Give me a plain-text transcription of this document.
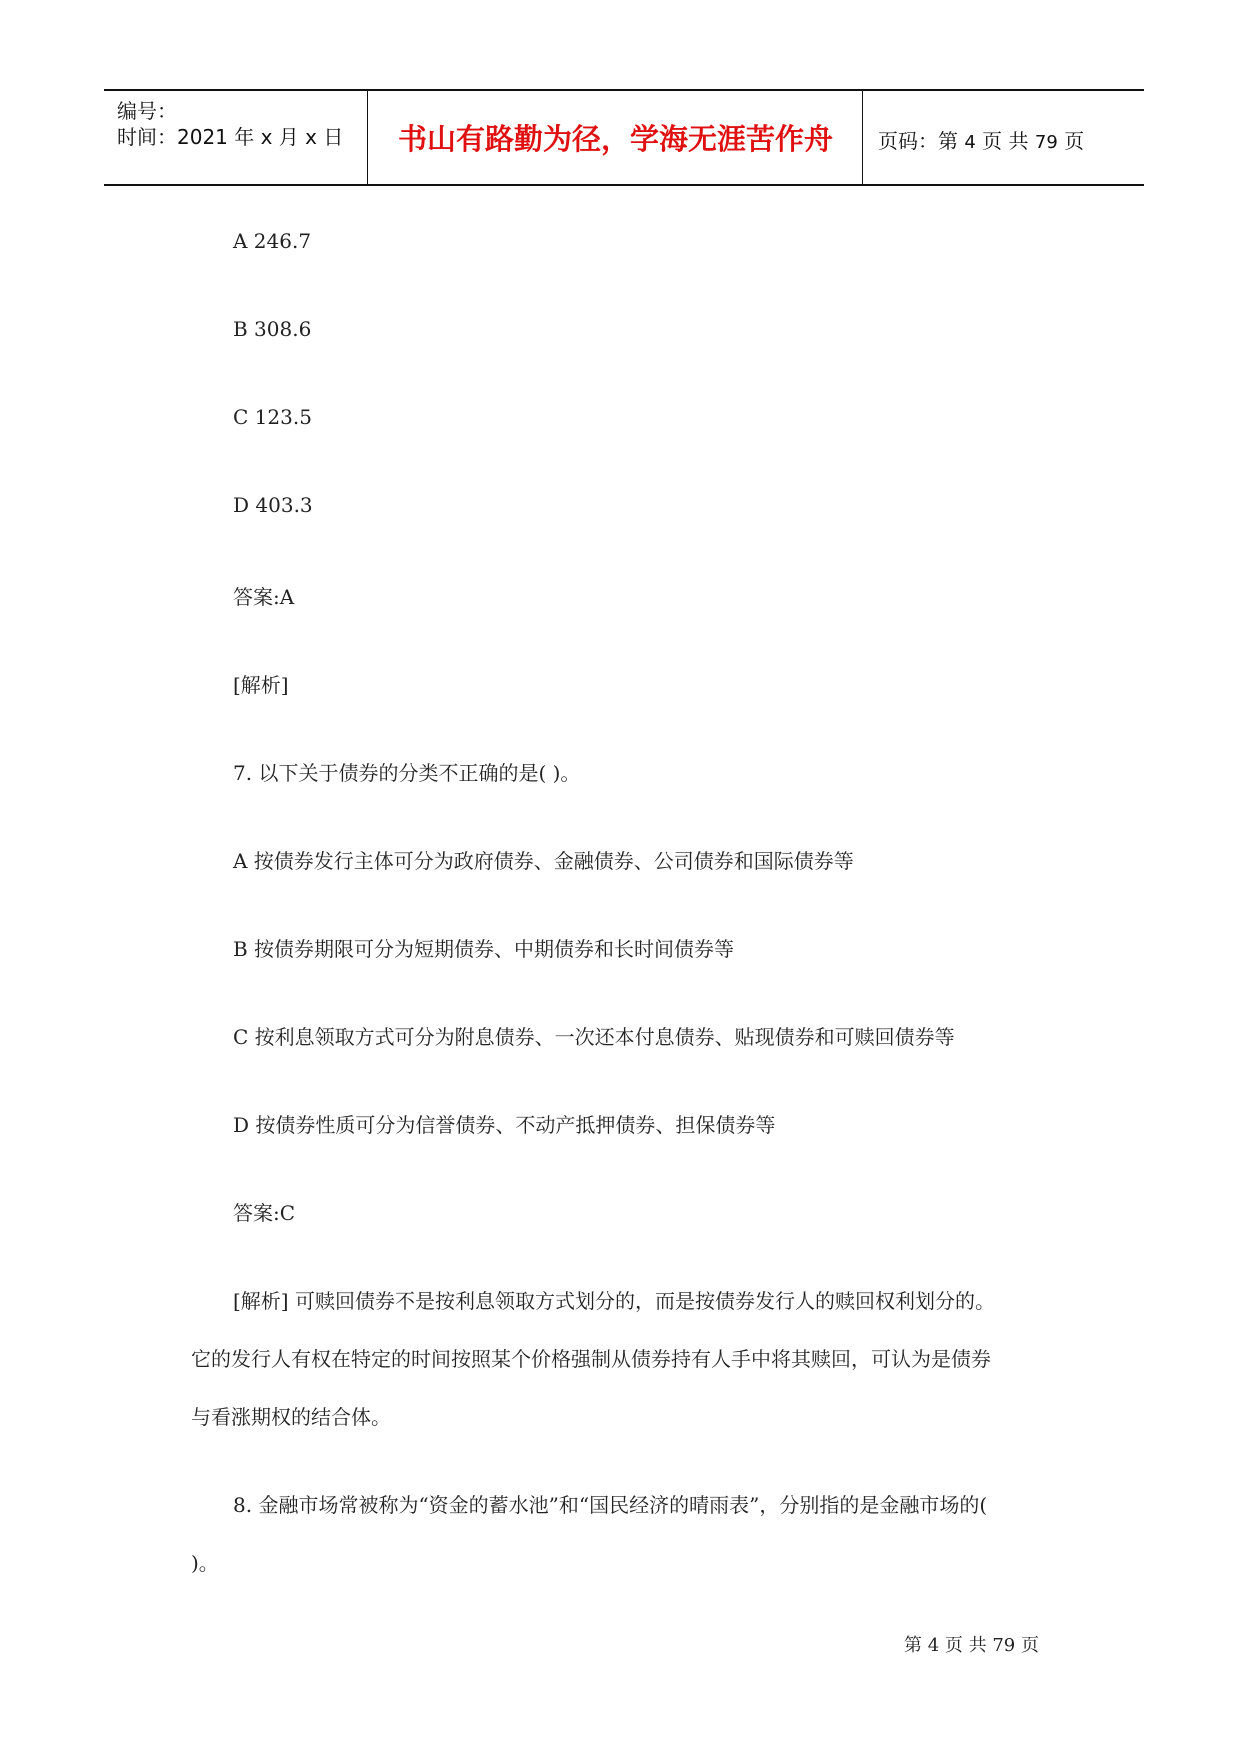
编号：
时间：2021 年 x 月 x 日	书山有路勤为径，学海无涯苦作舟	页码：第 4 页 共 79 页
A 246.7
B 308.6
C 123.5
D 403.3
答案:A
[解析]
7. 以下关于债券的分类不正确的是( )。
A 按债券发行主体可分为政府债券、金融债券、公司债券和国际债券等
B 按债券期限可分为短期债券、中期债券和长时间债券等
C 按利息领取方式可分为附息债券、一次还本付息债券、贴现债券和可赎回债券等
D 按债券性质可分为信誉债券、不动产抵押债券、担保债券等
答案:C
[解析] 可赎回债券不是按利息领取方式划分的，而是按债券发行人的赎回权利划分的。
它的发行人有权在特定的时间按照某个价格强制从债券持有人手中将其赎回，可认为是债券
与看涨期权的结合体。
8. 金融市场常被称为“资金的蓄水池”和“国民经济的晴雨表”，分别指的是金融市场的(
)。
第 4 页 共 79 页
